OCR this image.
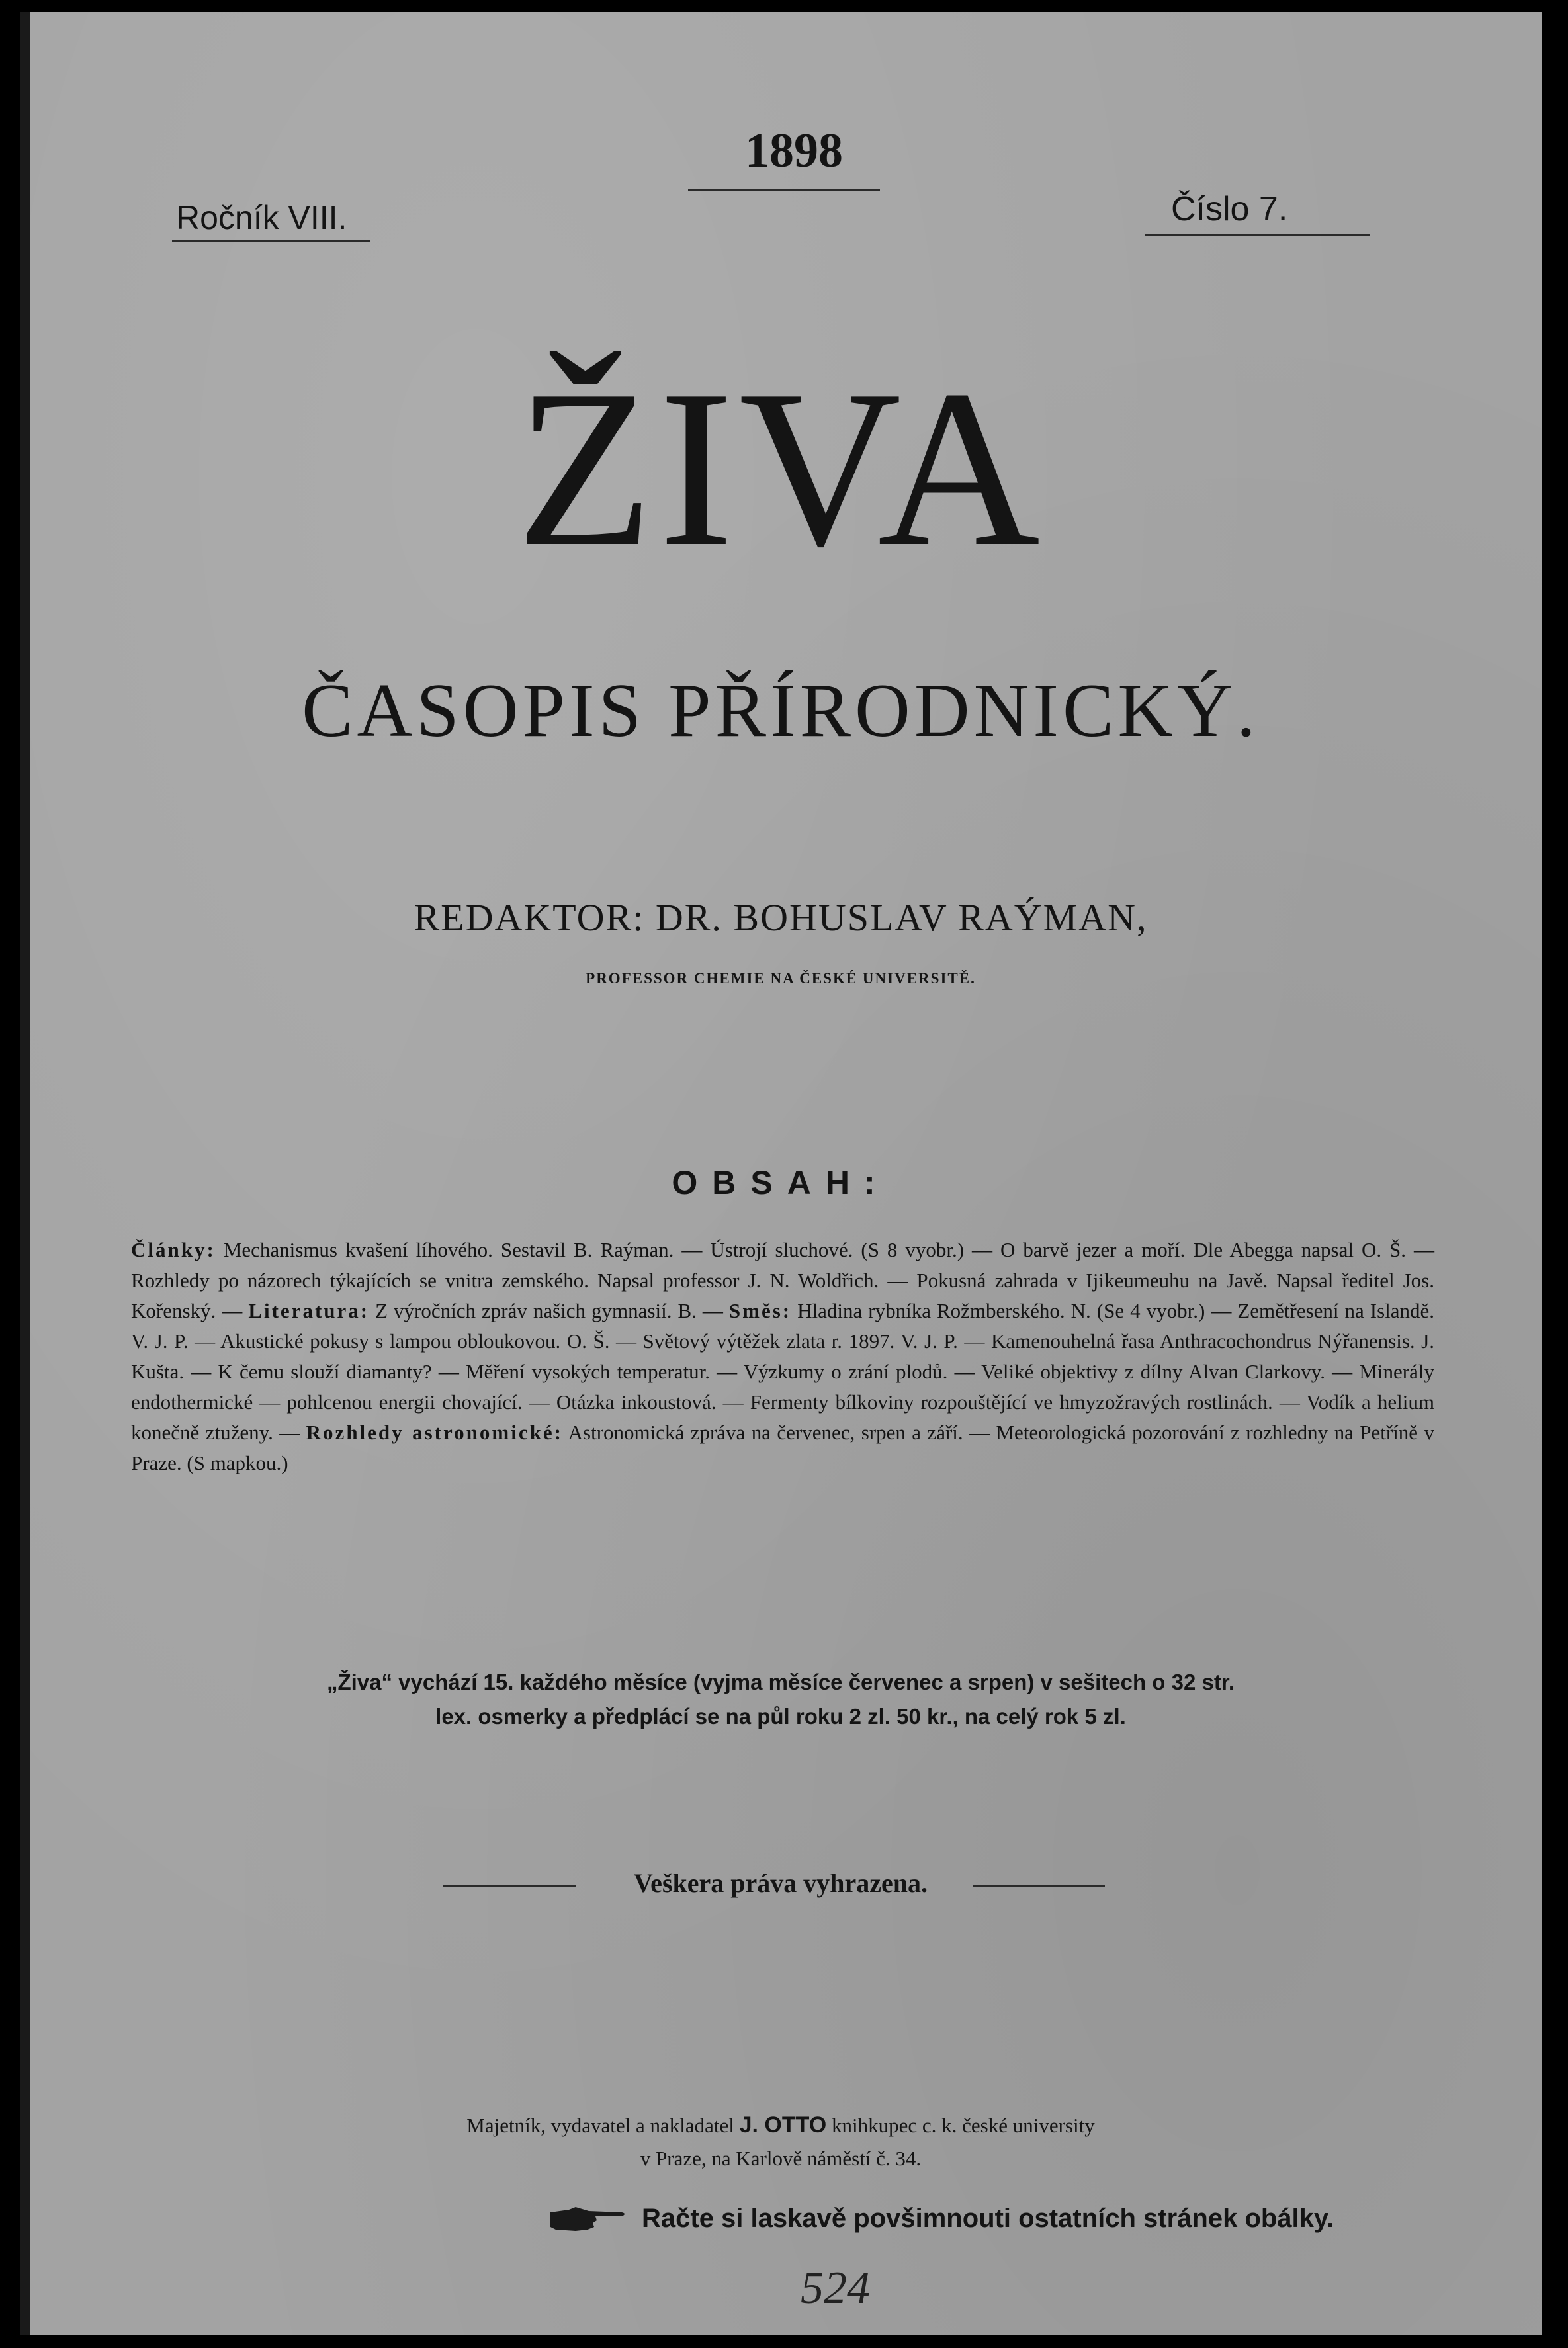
1898
Ročník VIII.	Číslo 7.
ŽIVA
ČASOPIS PŘÍRODNICKÝ.
REDAKTOR: DR. BOHUSLAV RAÝMAN,
PROFESSOR CHEMIE NA ČESKÉ UNIVERSITĚ.
OBSAH:
Články: Mechanismus kvašení líhového. Sestavil B. Raýman. — Ústrojí sluchové. (S 8 vyobr.) — O barvě jezer a moří. Dle Abegga napsal O. Š. — Rozhledy po názorech týkajících se vnitra zemského. Napsal professor J. N. Woldřich. — Pokusná zahrada v Ijikeumeuhu na Javě. Napsal ředitel Jos. Kořenský. — Literatura: Z výročních zpráv našich gymnasií. B. — Směs: Hladina rybníka Rožmberského. N. (Se 4 vyobr.) — Zemětřesení na Islandě. V. J. P. — Akustické pokusy s lampou obloukovou. O. Š. — Světový výtěžek zlata r. 1897. V. J. P. — Kamenouhelná řasa Anthracochondrus Nýřanensis. J. Kušta. — K čemu slouží diamanty? — Měření vysokých temperatur. — Výzkumy o zrání plodů. — Veliké objektivy z dílny Alvan Clarkovy. — Minerály endothermické — pohlcenou energii chovající. — Otázka inkoustová. — Fermenty bílkoviny rozpouštějící ve hmyzožravých rostlinách. — Vodík a helium konečně ztuženy. — Rozhledy astronomické: Astronomická zpráva na červenec, srpen a září. — Meteorologická pozorování z rozhledny na Petříně v Praze. (S mapkou.)
„Živa“ vychází 15. každého měsíce (vyjma měsíce červenec a srpen) v sešitech o 32 str.
lex. osmerky a předplácí se na půl roku 2 zl. 50 kr., na celý rok 5 zl.
Veškera práva vyhrazena.
Majetník, vydavatel a nakladatel J. OTTO knihkupec c. k. české university
v Praze, na Karlově náměstí č. 34.
Račte si laskavě povšimnouti ostatních stránek obálky.
524
